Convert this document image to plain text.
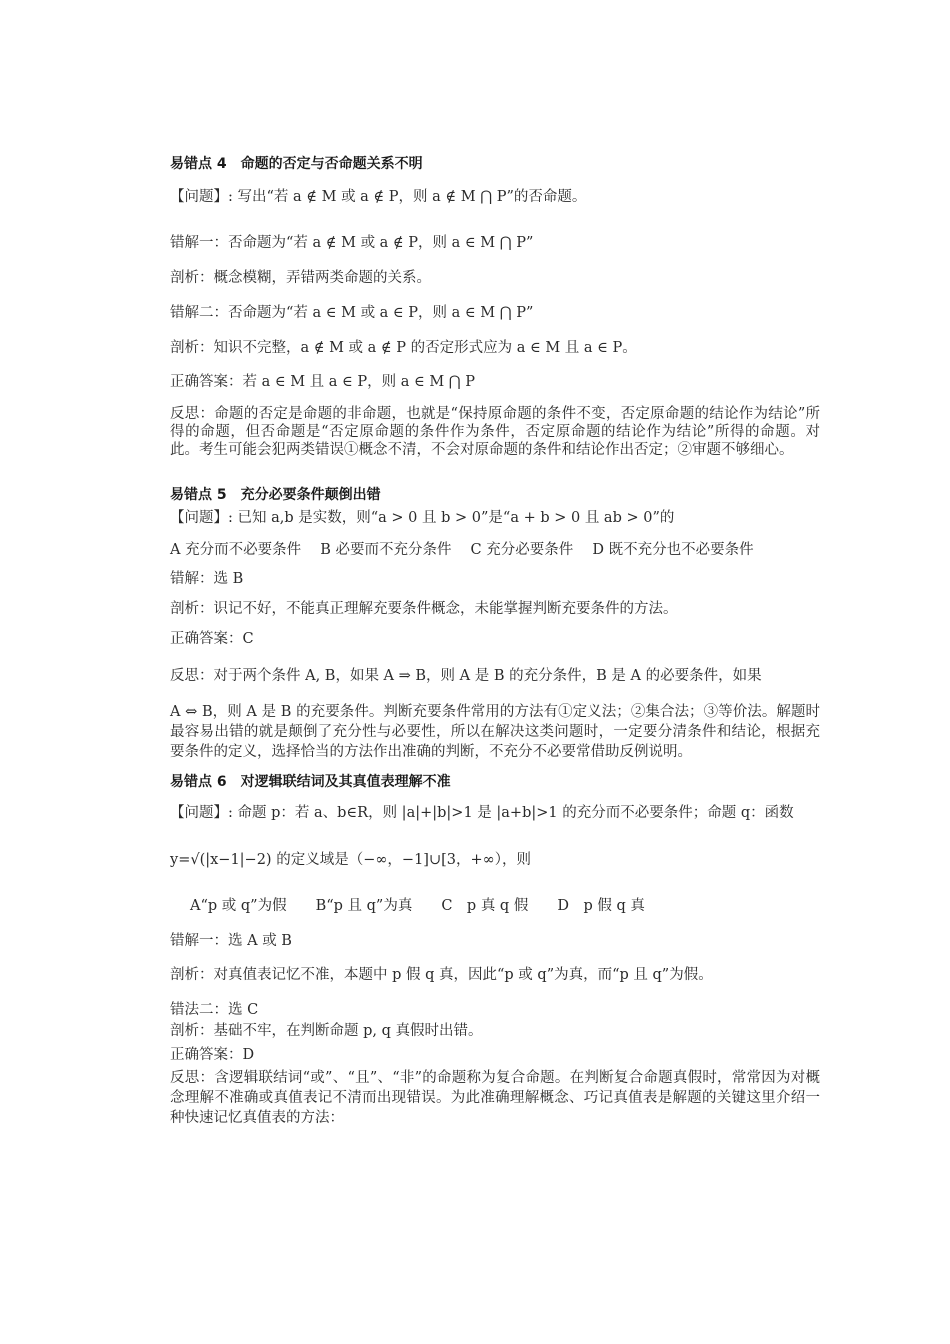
易错点 4　命题的否定与否命题关系不明
【问题】: 写出“若 a ∉ M 或 a ∉ P，则 a ∉ M ⋂ P”的否命题。
错解一：否命题为“若 a ∉ M 或 a ∉ P，则 a ∈ M ⋂ P”
剖析：概念模糊，弄错两类命题的关系。
错解二：否命题为“若 a ∈ M 或 a ∈ P，则 a ∈ M ⋂ P”
剖析：知识不完整，a ∉ M 或 a ∉ P 的否定形式应为 a ∈ M 且 a ∈ P。
正确答案：若 a ∈ M 且 a ∈ P，则 a ∈ M ⋂ P
反思：命题的否定是命题的非命题，也就是“保持原命题的条件不变，否定原命题的结论作为结论”所得的命题，但否命题是“否定原命题的条件作为条件，否定原命题的结论作为结论”所得的命题。对此。考生可能会犯两类错误①概念不清，不会对原命题的条件和结论作出否定；②审题不够细心。
易错点 5　充分必要条件颠倒出错
【问题】: 已知 a,b 是实数，则“a > 0 且 b > 0”是“a + b > 0 且 ab > 0”的
A 充分而不必要条件　 B 必要而不充分条件　 C 充分必要条件　 D 既不充分也不必要条件
错解：选 B
剖析：识记不好，不能真正理解充要条件概念，未能掌握判断充要条件的方法。
正确答案：C
反思：对于两个条件 A, B，如果 A ⇒ B，则 A 是 B 的充分条件，B 是 A 的必要条件，如果
A ⇔ B，则 A 是 B 的充要条件。判断充要条件常用的方法有①定义法；②集合法；③等价法。解题时最容易出错的就是颠倒了充分性与必要性，所以在解决这类问题时，一定要分清条件和结论，根据充要条件的定义，选择恰当的方法作出准确的判断，不充分不必要常借助反例说明。
易错点 6　对逻辑联结词及其真值表理解不准
【问题】: 命题 p：若 a、b∈R，则 |a|+|b|>1 是 |a+b|>1 的充分而不必要条件；命题 q：函数
y=√(|x−1|−2) 的定义域是（−∞，−1]∪[3，+∞），则
A“p 或 q”为假　　B“p 且 q”为真　　C　p 真 q 假　　D　p 假 q 真
错解一：选 A 或 B
剖析：对真值表记忆不准，本题中 p 假 q 真，因此“p 或 q”为真，而“p 且 q”为假。
错法二：选 C
剖析：基础不牢，在判断命题 p, q 真假时出错。
正确答案：D
反思：含逻辑联结词“或”、“且”、“非”的命题称为复合命题。在判断复合命题真假时，常常因为对概念理解不准确或真值表记不清而出现错误。为此准确理解概念、巧记真值表是解题的关键这里介绍一种快速记忆真值表的方法：
